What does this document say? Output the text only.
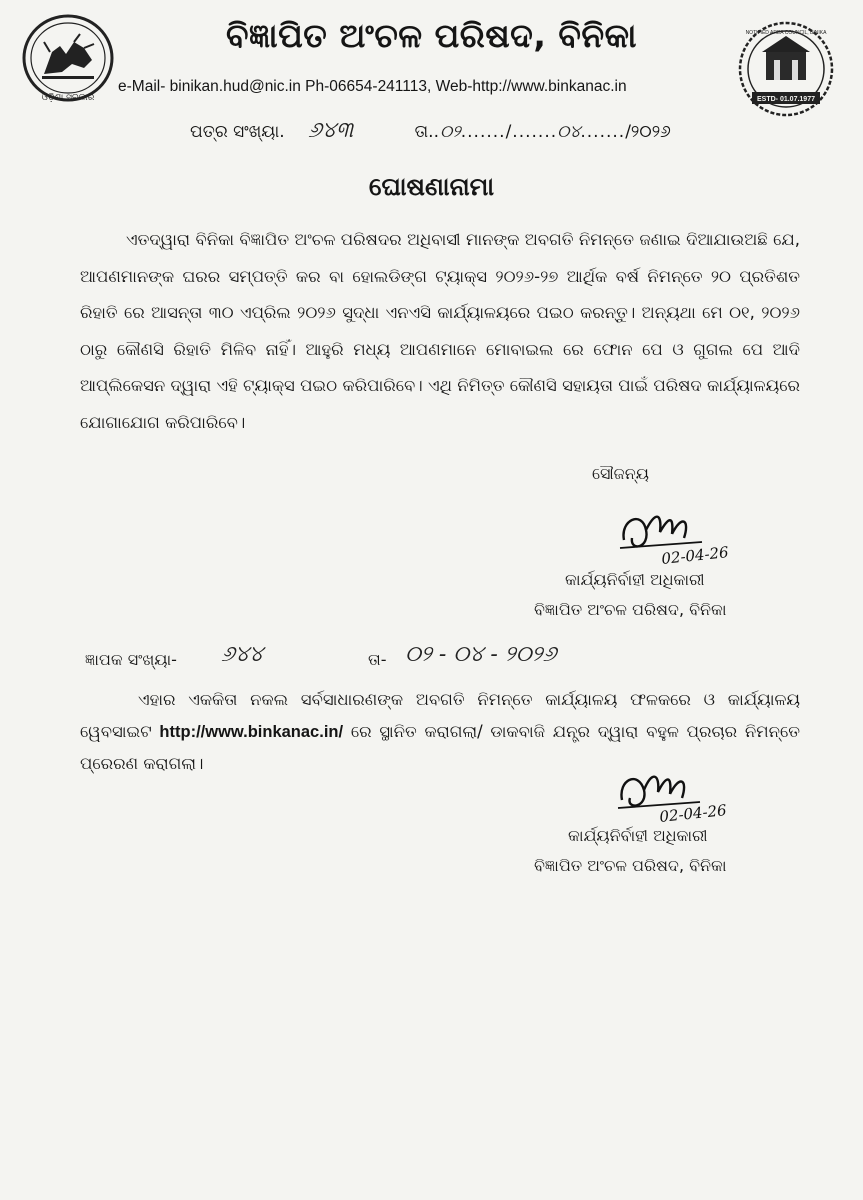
ଓଡ଼ିଶା ସରକାର
ବିଜ୍ଞାପିତ ଅଂଚଳ ପରିଷଦ, ବିନିକା
e-Mail- binikan.hud@nic.in Ph-06654-241113, Web-http://www.binkanac.in
ESTD- 01.07.1977
NOTIFIED AREA COUNCIL, BINIKA
ପତ୍ର ସଂଖ୍ୟା. ୬୪୩	ତା..୦୨......./.......୦୪......./୨୦୨୬
ଘୋଷଣାନାମା
ଏତଦ୍ୱାରା ବିନିକା ବିଜ୍ଞାପିତ ଅଂଚଳ ପରିଷଦର ଅଧିବାସୀ ମାନଙ୍କ ଅବଗତି ନିମନ୍ତେ ଜଣାଇ ଦିଆଯାଉଅଛି ଯେ, ଆପଣମାନଙ୍କ ଘରର ସମ୍ପତ୍ତି କର ବା ହୋଲଡିଙ୍ଗ ଟ୍ୟାକ୍ସ ୨୦୨୬-୨୭ ଆର୍ଥିକ ବର୍ଷ ନିମନ୍ତେ ୨୦ ପ୍ରତିଶତ ରିହାତି ରେ ଆସନ୍ତା ୩୦ ଏପ୍ରିଲ ୨୦୨୬ ସୁଦ୍ଧା ଏନଏସି କାର୍ଯ୍ୟାଳୟରେ ପଇଠ କରନ୍ତୁ। ଅନ୍ୟଥା ମେ ୦୧, ୨୦୨୬ ଠାରୁ କୌଣସି ରିହାତି ମିଳିବ ନାହିଁ। ଆହୁରି ମଧ୍ୟ ଆପଣମାନେ ମୋବାଇଲ ରେ ଫୋନ ପେ ଓ ଗୁଗଲ ପେ ଆଦି ଆପ୍ଲିକେସନ ଦ୍ୱାରା ଏହି ଟ୍ୟାକ୍ସ ପଇଠ କରିପାରିବେ। ଏଥି ନିମିତ୍ତ କୌଣସି ସହାୟତା ପାଇଁ ପରିଷଦ କାର୍ଯ୍ୟାଳୟରେ ଯୋଗାଯୋଗ କରିପାରିବେ।
ସୌଜନ୍ୟ
02-04-26
କାର୍ଯ୍ୟନିର୍ବାହୀ ଅଧିକାରୀ
ବିଜ୍ଞାପିତ ଅଂଚଳ ପରିଷଦ, ବିନିକା
ଜ୍ଞାପକ ସଂଖ୍ୟା- ୬୪୪	ତା- ୦୨ - ୦୪ - ୨୦୨୬
ଏହାର ଏକକିତା ନକଲ ସର୍ବସାଧାରଣଙ୍କ ଅବଗତି ନିମନ୍ତେ କାର୍ଯ୍ୟାଳୟ ଫଳକରେ ଓ କାର୍ଯ୍ୟାଳୟ ୱେବସାଇଟ http://www.binkanac.in/ ରେ ସ୍ଥାନିତ କରାଗଲା/ ଡାକବାଜି ଯନ୍ତ୍ର ଦ୍ୱାରା ବହୁଳ ପ୍ରଚାର ନିମନ୍ତେ ପ୍ରେରଣ କରାଗଲା।
02-04-26
କାର୍ଯ୍ୟନିର୍ବାହୀ ଅଧିକାରୀ
ବିଜ୍ଞାପିତ ଅଂଚଳ ପରିଷଦ, ବିନିକା
